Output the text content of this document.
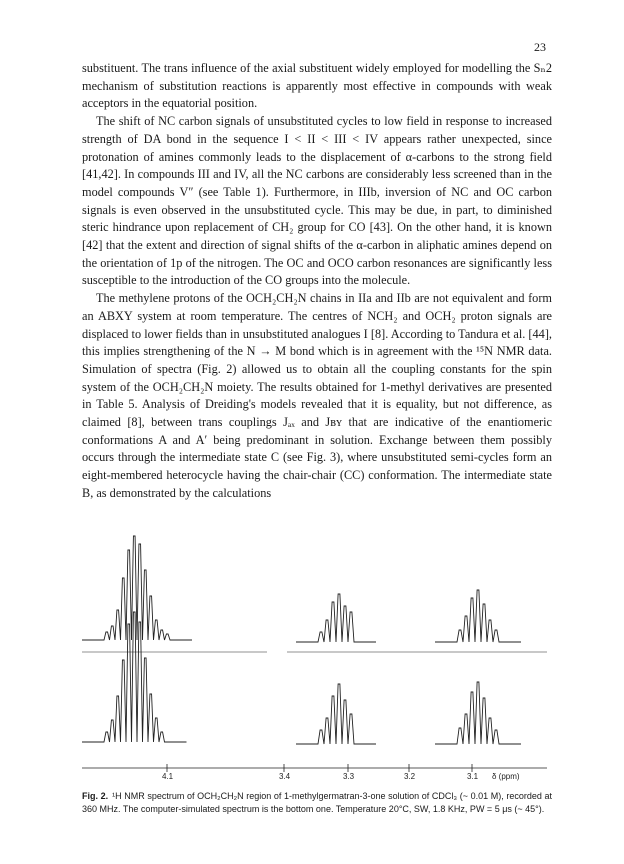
23

substituent. The trans influence of the axial substituent widely employed for modelling the Sₙ2 mechanism of substitution reactions is apparently most effective in compounds with weak acceptors in the equatorial position.

The shift of NC carbon signals of unsubstituted cycles to low field in response to increased strength of DA bond in the sequence I < II < III < IV appears rather unexpected, since protonation of amines commonly leads to the displacement of α-carbons to the strong field [41,42]. In compounds III and IV, all the NC carbons are considerably less screened than in the model compounds V″ (see Table 1). Furthermore, in IIIb, inversion of NC and OC carbon signals is even observed in the unsubstituted cycle. This may be due, in part, to diminished steric hindrance upon replacement of CH₂ group for CO [43]. On the other hand, it is known [42] that the extent and direction of signal shifts of the α-carbon in aliphatic amines depend on the orientation of 1p of the nitrogen. The OC and OCO carbon resonances are significantly less susceptible to the introduction of the CO groups into the molecule.

The methylene protons of the OCH₂CH₂N chains in IIa and IIb are not equivalent and form an ABXY system at room temperature. The centres of NCH₂ and OCH₂ proton signals are displaced to lower fields than in unsubstituted analogues I [8]. According to Tandura et al. [44], this implies strengthening of the N → M bond which is in agreement with the ¹⁵N NMR data. Simulation of spectra (Fig. 2) allowed us to obtain all the coupling constants for the spin system of the OCH₂CH₂N moiety. The results obtained for 1-methyl derivatives are presented in Table 5. Analysis of Dreiding's models revealed that it is equality, but not difference, as claimed [8], between trans couplings Jₐₓ and Jʙʏ that are indicative of the enantiomeric conformations A and A′ being predominant in solution. Exchange between them possibly occurs through the intermediate state C (see Fig. 3), where unsubstituted semi-cycles form an eight-membered heterocycle having the chair-chair (CC) conformation. The intermediate state B, as demonstrated by the calculations

4.1	3.4	3.3	3.2	3.1 δ (ppm)
Fig. 2. ¹H NMR spectrum of OCH₂CH₂N region of 1-methylgermatran-3-one solution of CDCl₃ (~ 0.01 M), recorded at 360 MHz. The computer-simulated spectrum is the bottom one. Temperature 20°C, SW, 1.8 KHz, PW = 5 μs (~ 45°).
